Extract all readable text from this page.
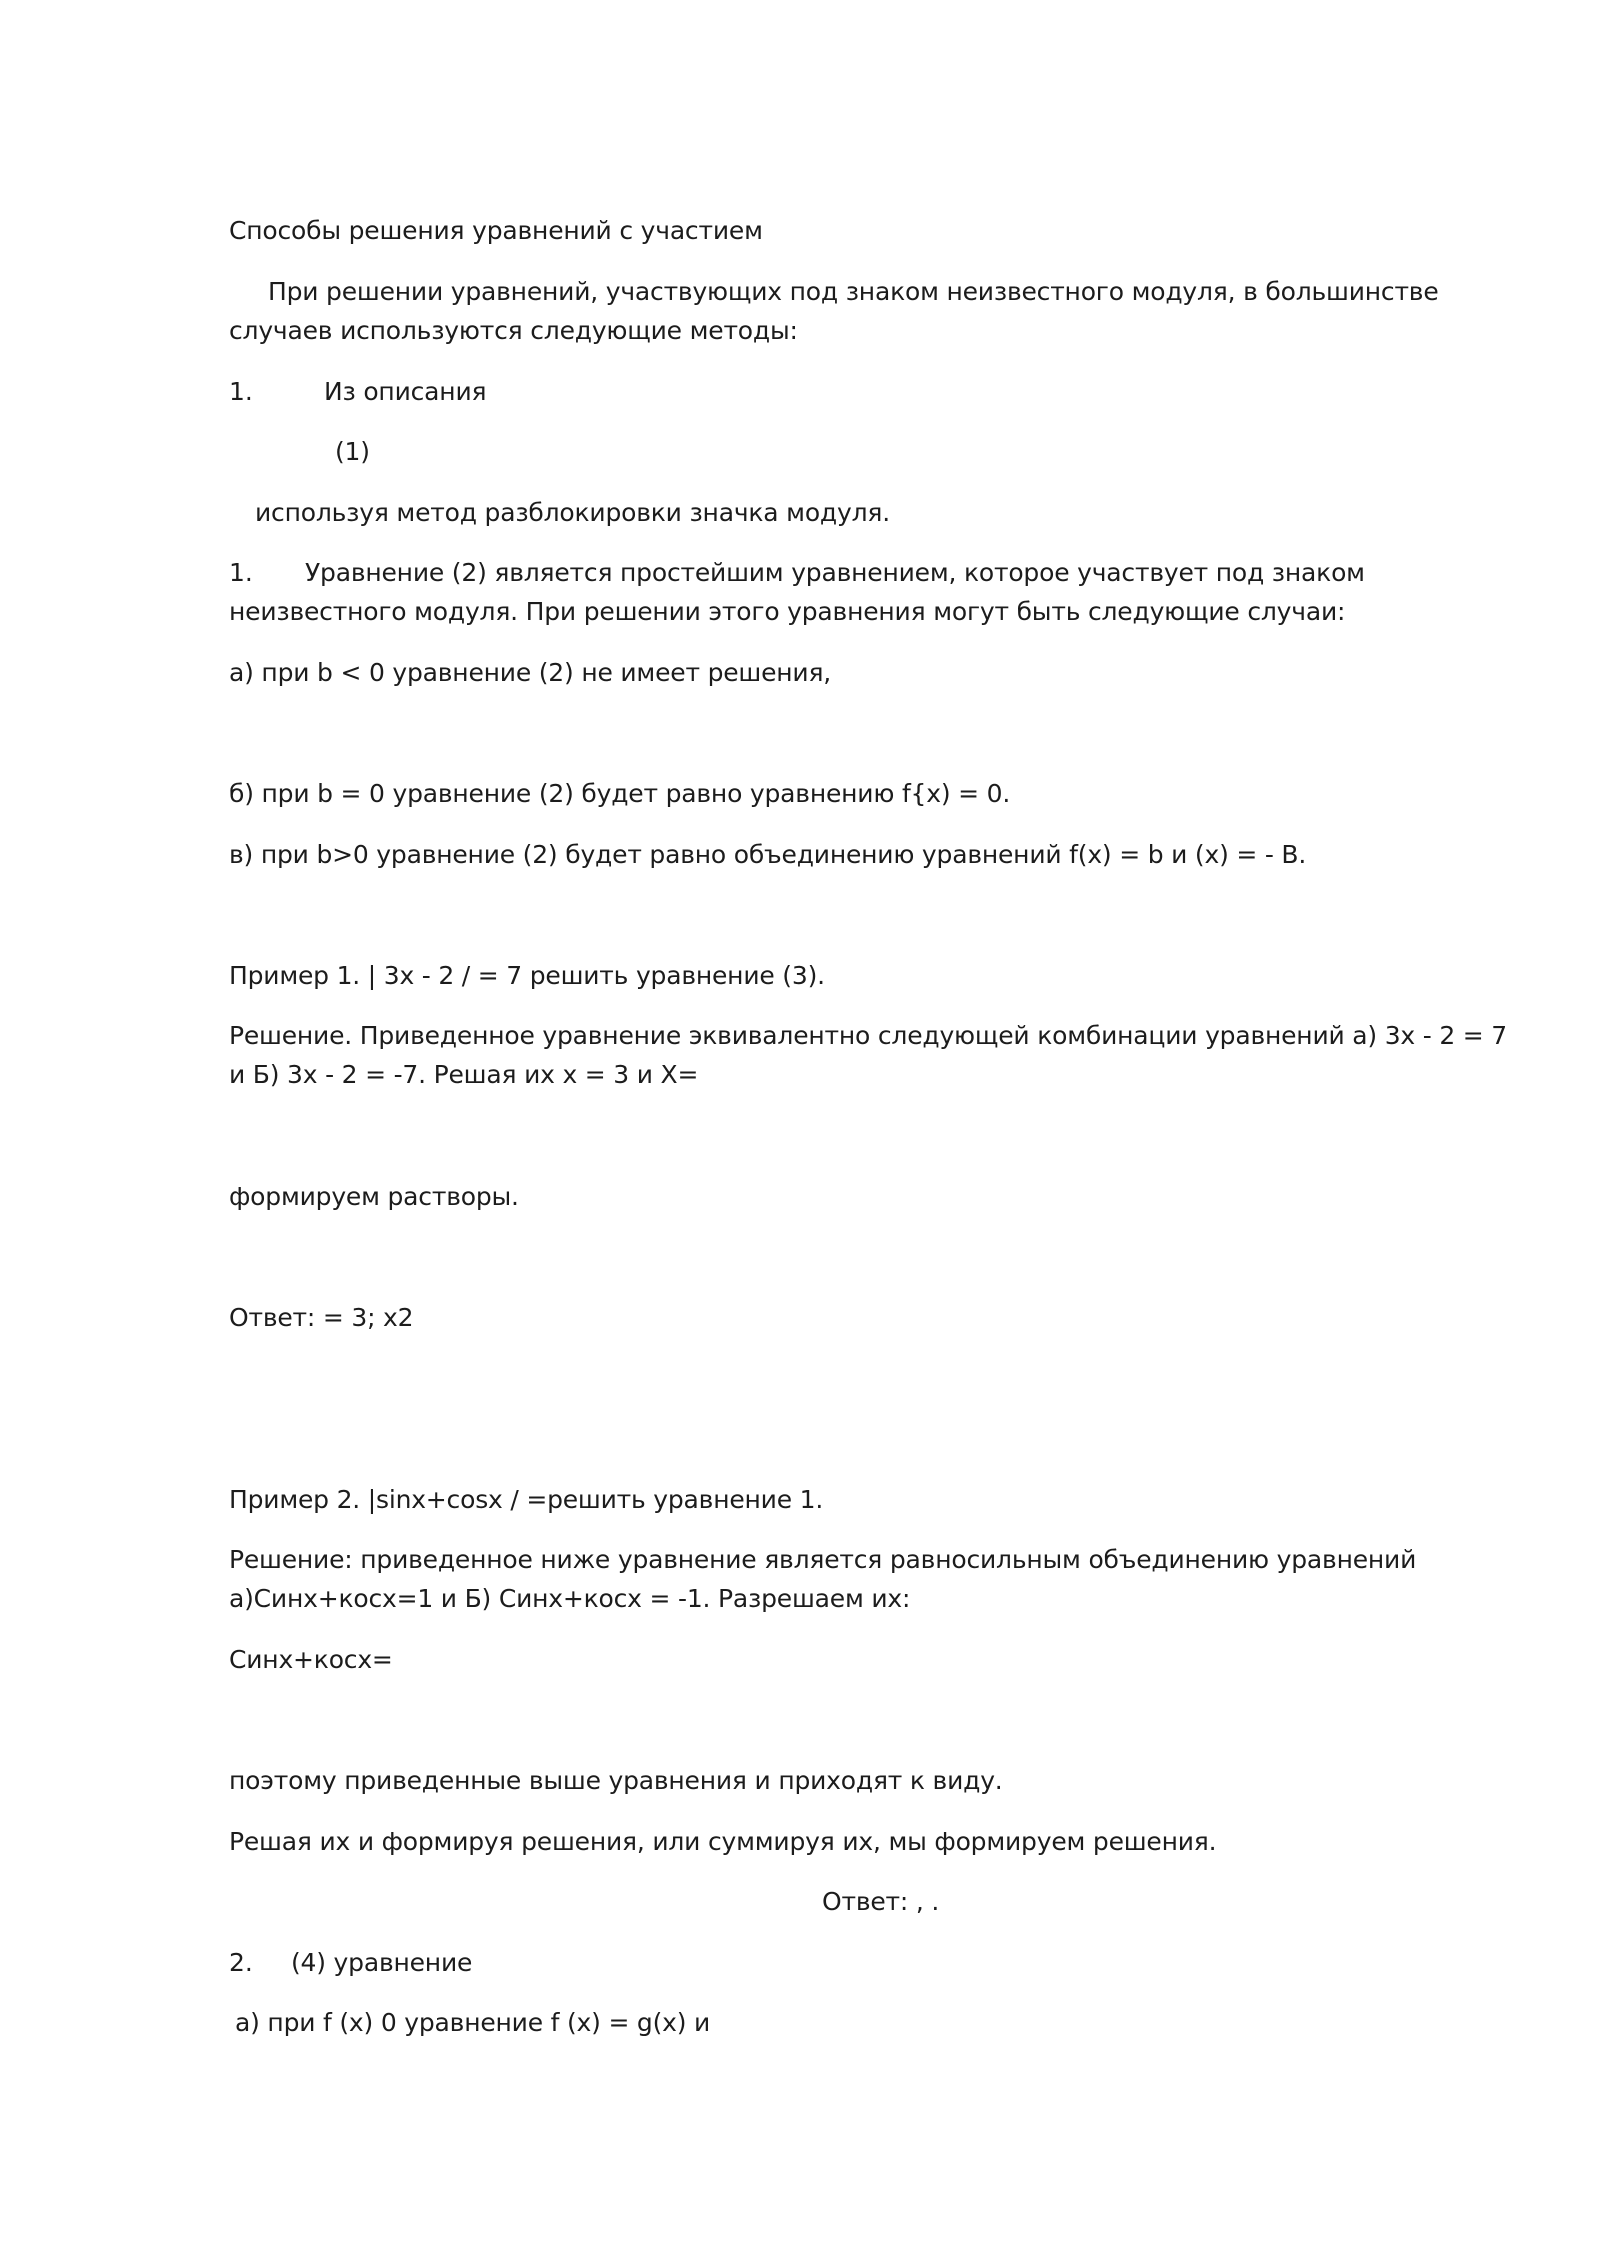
Способы решения уравнений с участием
При решении уравнений, участвующих под знаком неизвестного модуля, в большинстве
случаев используются следующие методы:
1.	Из описания
(1)
используя метод разблокировки значка модуля.
1. Уравнение (2) является простейшим уравнением, которое участвует под знаком
неизвестного модуля. При решении этого уравнения могут быть следующие случаи:
а) при b < 0 уравнение (2) не имеет решения,
б) при b = 0 уравнение (2) будет равно уравнению f{x) = 0.
в) при b>0 уравнение (2) будет равно объединению уравнений f(x) = b и (x) = - B.
Пример 1. | 3x - 2 / = 7 решить уравнение (3).
Решение. Приведенное уравнение эквивалентно следующей комбинации уравнений а) 3x - 2 = 7
и Б) 3x - 2 = -7. Решая их x = 3 и X=
формируем растворы.
Ответ: = 3; x2
Пример 2. |sinx+cosx / =решить уравнение 1.
Решение: приведенное ниже уравнение является равносильным объединению уравнений
а)Синх+косх=1 и Б) Синх+косх = -1. Разрешаем их:
Синх+косх=
поэтому приведенные выше уравнения и приходят к виду.
Решая их и формируя решения, или суммируя их, мы формируем решения.
Ответ: , .
2. (4) уравнение
а) при f (x) 0 уравнение f (x) = g(x) и
